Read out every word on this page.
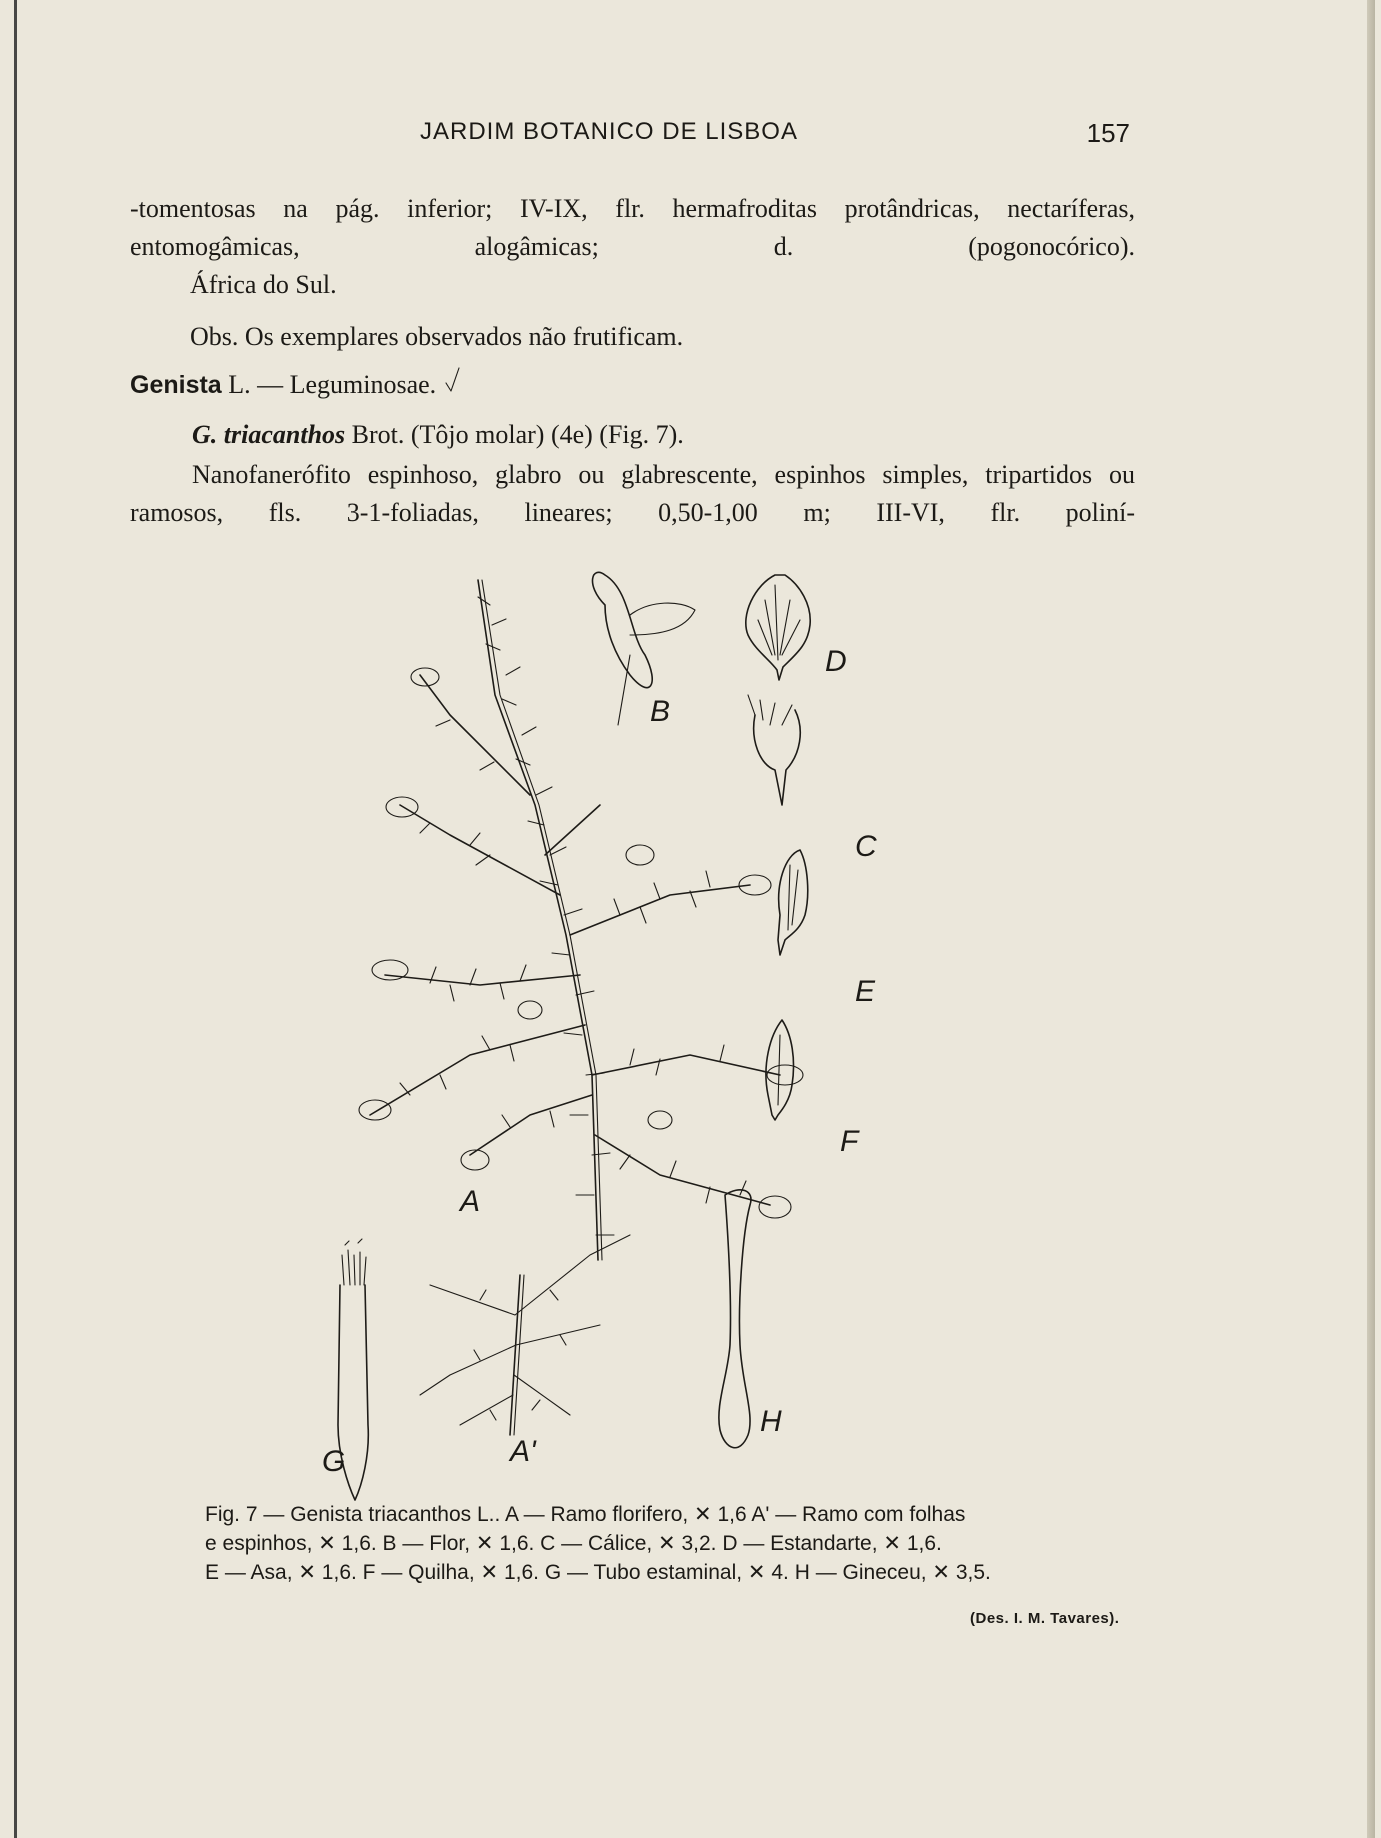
JARDIM BOTANICO DE LISBOA	157
-tomentosas na pág. inferior; IV-IX, flr. hermafroditas protândricas, nectaríferas, entomogâmicas, alogâmicas; d. (pogonocórico).
África do Sul.
Obs. Os exemplares observados não frutificam.
Genista L. — Leguminosae.
G. triacanthos Brot. (Tôjo molar) (4e) (Fig. 7).
Nanofanerófito espinhoso, glabro ou glabrescente, espinhos simples, tripartidos ou ramosos, fls. 3-1-foliadas, lineares; 0,50-1,00 m; III-VI, flr. poliní-
A
A'
B
C
D
E
F
G
H

Fig. 7 — Genista triacanthos L.. A — Ramo florifero, ✕ 1,6 A' — Ramo com folhas

e espinhos, ✕ 1,6. B — Flor, ✕ 1,6. C — Cálice, ✕ 3,2. D — Estandarte, ✕ 1,6.

E — Asa, ✕ 1,6. F — Quilha, ✕ 1,6. G — Tubo estaminal, ✕ 4. H — Gineceu, ✕ 3,5.

(Des. I. M. Tavares).
